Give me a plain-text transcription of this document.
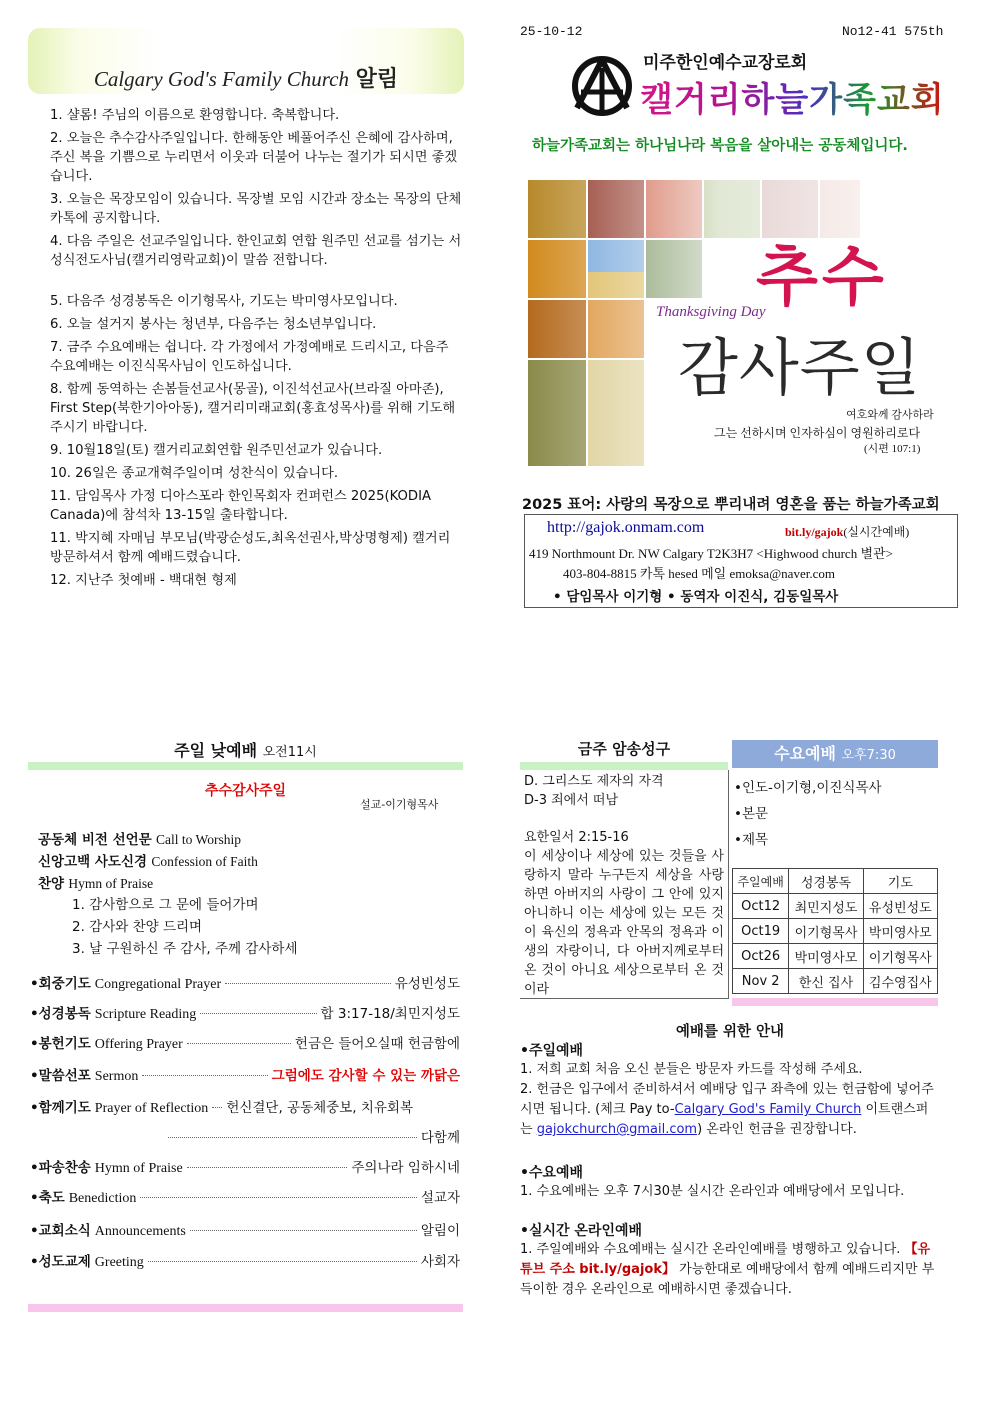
Calgary God's Family Church 알림
1. 샬롬! 주님의 이름으로 환영합니다. 축복합니다.
2. 오늘은 추수감사주일입니다. 한해동안 베풀어주신 은혜에 감사하며, 주신 복을 기쁨으로 누리면서 이웃과 더불어 나누는 절기가 되시면 좋겠습니다.
3. 오늘은 목장모임이 있습니다. 목장별 모임 시간과 장소는 목장의 단체 카톡에 공지합니다.
4. 다음 주일은 선교주일입니다. 한인교회 연합 원주민 선교를 섬기는 서성식전도사님(캘거리영락교회)이 말씀 전합니다.
5. 다음주 성경봉독은 이기형목사, 기도는 박미영사모입니다.
6. 오늘 설거지 봉사는 청년부, 다음주는 청소년부입니다.
7. 금주 수요예배는 쉽니다. 각 가정에서 가정예배로 드리시고, 다음주 수요예배는 이진식목사님이 인도하십니다.
8. 함께 동역하는 손봄들선교사(몽골), 이진석선교사(브라질 아마존), First Step(북한기아아동), 캘거리미래교회(홍효성목사)를 위해 기도해 주시기 바랍니다.
9. 10월18일(토) 캘거리교회연합 원주민선교가 있습니다.
10. 26일은 종교개혁주일이며 성찬식이 있습니다.
11. 담임목사 가정 디아스포라 한인목회자 컨퍼런스 2025(KODIA Canada)에 참석차 13-15일 출타합니다.
11. 박지혜 자매님 부모님(박광순성도,최옥선권사,박상명형제) 캘거리 방문하셔서 함께 예배드렸습니다.
12. 지난주 첫예배 - 백대현 형제
25-10-12	No12-41 575th
미주한인예수교장로회
캘거리하늘가족교회
하늘가족교회는 하나님나라 복음을 살아내는 공동체입니다.
추수
Thanksgiving Day
감사주일
여호와께 감사하라
그는 선하시며 인자하심이 영원하리로다
(시편 107:1)
2025 표어: 사랑의 목장으로 뿌리내려 영혼을 품는 하늘가족교회
http://gajok.onmam.com	bit.ly/gajok(실시간예배)
419 Northmount Dr. NW Calgary T2K3H7 <Highwood church 별관>
403-804-8815 카톡 hesed 메일 emoksa@naver.com
• 담임목사 이기형 • 동역자 이진식, 김동일목사
주일 낮예배 오전11시
추수감사주일
설교-이기형목사
공동체 비전 선언문 Call to Worship
신앙고백 사도신경 Confession of Faith
찬양 Hymn of Praise
1. 감사함으로 그 문에 들어가며
2. 감사와 찬양 드리며
3. 날 구원하신 주 감사, 주께 감사하세
•회중기도 Congregational Prayer	유성빈성도
•성경봉독 Scripture Reading	합 3:17-18/최민지성도
•봉헌기도 Offering Prayer	헌금은 들어오실때 헌금함에
•말씀선포 Sermon	그럼에도 감사할 수 있는 까닭은
•함께기도 Prayer of Reflection 헌신결단, 공동체중보, 치유회복
다함께
•파송찬송 Hymn of Praise	주의나라 임하시네
•축도 Benediction	설교자
•교회소식 Announcements	알림이
•성도교제 Greeting	사회자
금주 암송성구
D. 그리스도 제자의 자격
D-3 죄에서 떠남
요한일서 2:15-16
이 세상이나 세상에 있는 것들을 사랑하지 말라 누구든지 세상을 사랑하면 아버지의 사랑이 그 안에 있지 아니하니 이는 세상에 있는 모든 것이 육신의 정욕과 안목의 정욕과 이생의 자랑이니, 다 아버지께로부터 온 것이 아니요 세상으로부터 온 것이라
수요예배 오후7:30
•인도-이기형,이진식목사
•본문
•제목
주일예배	성경봉독	기도
Oct12	최민지성도	유성빈성도
Oct19	이기형목사	박미영사모
Oct26	박미영사모	이기형목사
Nov 2	한신 집사	김수영집사
예배를 위한 안내
•주일예배
1. 저희 교회 처음 오신 분들은 방문자 카드를 작성해 주세요.
2. 헌금은 입구에서 준비하셔서 예배당 입구 좌측에 있는 헌금함에 넣어주시면 됩니다. (체크 Pay to-Calgary God's Family Church 이트랜스퍼는 gajokchurch@gmail.com) 온라인 헌금을 권장합니다.
•수요예배
1. 수요예배는 오후 7시30분 실시간 온라인과 예배당에서 모입니다.
•실시간 온라인예배
1. 주일예배와 수요예배는 실시간 온라인예배를 병행하고 있습니다. 【유튜브 주소 bit.ly/gajok】 가능한대로 예배당에서 함께 예배드리지만 부득이한 경우 온라인으로 예배하시면 좋겠습니다.
